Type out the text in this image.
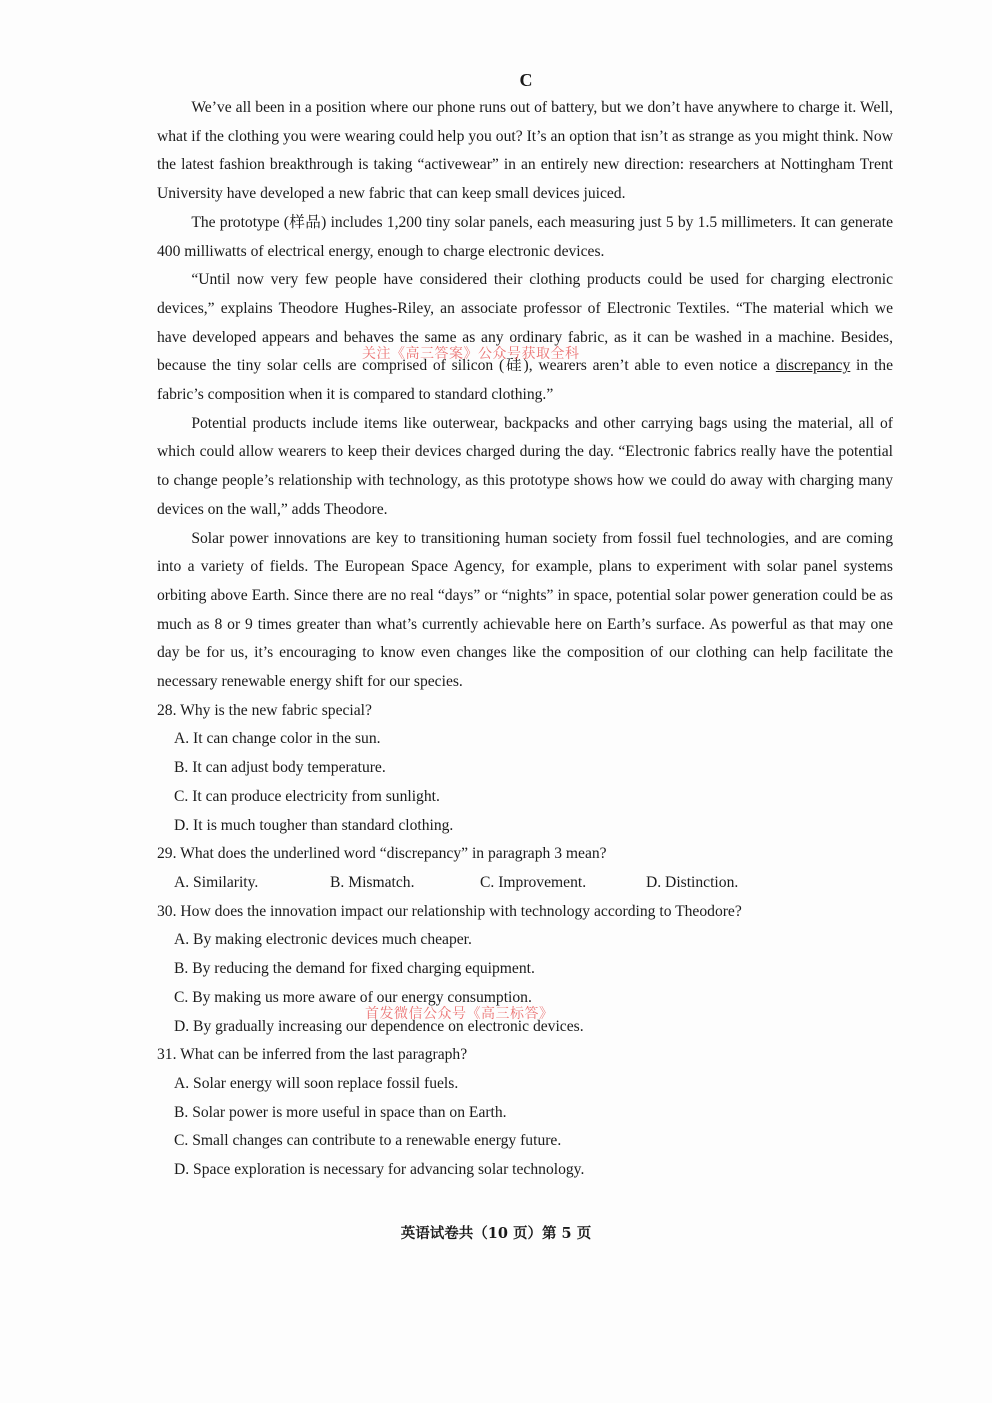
C

We’ve all been in a position where our phone runs out of battery, but we don’t have anywhere to charge it. Well, what if the clothing you were wearing could help you out? It’s an option that isn’t as strange as you might think. Now the latest fashion breakthrough is taking “activewear” in an entirely new direction: researchers at Nottingham Trent University have developed a new fabric that can keep small devices juiced.

The prototype (样品) includes 1,200 tiny solar panels, each measuring just 5 by 1.5 millimeters. It can generate 400 milliwatts of electrical energy, enough to charge electronic devices.

“Until now very few people have considered their clothing products could be used for charging electronic devices,” explains Theodore Hughes-Riley, an associate professor of Electronic Textiles. “The material which we have developed appears and behaves the same as any ordinary fabric, as it can be washed in a machine. Besides, because the tiny solar cells are comprised of silicon (硅), wearers aren’t able to even notice a discrepancy in the fabric’s composition when it is compared to standard clothing.”

Potential products include items like outerwear, backpacks and other carrying bags using the material, all of which could allow wearers to keep their devices charged during the day. “Electronic fabrics really have the potential to change people’s relationship with technology, as this prototype shows how we could do away with charging many devices on the wall,” adds Theodore.

Solar power innovations are key to transitioning human society from fossil fuel technologies, and are coming into a variety of fields. The European Space Agency, for example, plans to experiment with solar panel systems orbiting above Earth. Since there are no real “days” or “nights” in space, potential solar power generation could be as much as 8 or 9 times greater than what’s currently achievable here on Earth’s surface. As powerful as that may one day be for us, it’s encouraging to know even changes like the composition of our clothing can help facilitate the necessary renewable energy shift for our species.

28. Why is the new fabric special?

A. It can change color in the sun.

B. It can adjust body temperature.

C. It can produce electricity from sunlight.

D. It is much tougher than standard clothing.

29. What does the underlined word “discrepancy” in paragraph 3 mean?

A. Similarity.	B. Mismatch.	C. Improvement.	D. Distinction.

30. How does the innovation impact our relationship with technology according to Theodore?

A. By making electronic devices much cheaper.

B. By reducing the demand for fixed charging equipment.

C. By making us more aware of our energy consumption.

D. By gradually increasing our dependence on electronic devices.

31. What can be inferred from the last paragraph?

A. Solar energy will soon replace fossil fuels.

B. Solar power is more useful in space than on Earth.

C. Small changes can contribute to a renewable energy future.

D. Space exploration is necessary for advancing solar technology.

关注《高三答案》公众号获取全科
首发微信公众号《高三标答》
英语试卷共（10 页）第 5 页
